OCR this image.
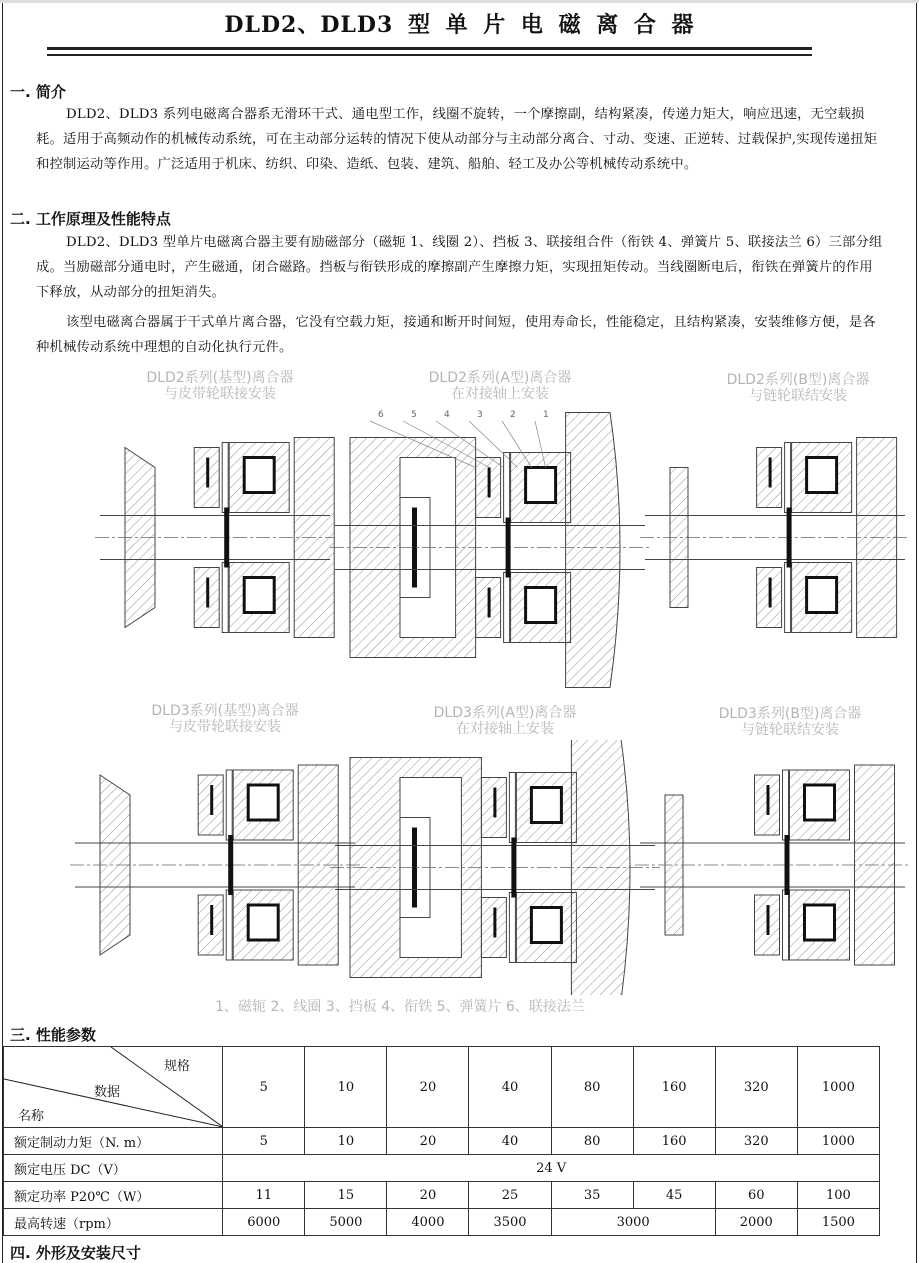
DLD2、DLD3 型 单 片 电 磁 离 合 器
一. 简介
DLD2、DLD3 系列电磁离合器系无滑环干式、通电型工作，线圈不旋转，一个摩擦副，结构紧凑，传递力矩大，响应迅速，无空载损耗。适用于高频动作的机械传动系统，可在主动部分运转的情况下使从动部分与主动部分离合、寸动、变速、正逆转、过载保护,实现传递扭矩和控制运动等作用。广泛适用于机床、纺织、印染、造纸、包装、建筑、船舶、轻工及办公等机械传动系统中。
二. 工作原理及性能特点
DLD2、DLD3 型单片电磁离合器主要有励磁部分（磁轭 1、线圈 2）、挡板 3、联接组合件（衔铁 4、弹簧片 5、联接法兰 6）三部分组成。当励磁部分通电时，产生磁通，闭合磁路。挡板与衔铁形成的摩擦副产生摩擦力矩，实现扭矩传动。当线圈断电后，衔铁在弹簧片的作用下释放，从动部分的扭矩消失。
该型电磁离合器属于干式单片离合器，它没有空载力矩，接通和断开时间短，使用寿命长，性能稳定，且结构紧凑，安装维修方便，是各种机械传动系统中理想的自动化执行元件。
DLD2系列(基型)离合器
与皮带轮联接安装
DLD2系列(A型)离合器
在对接轴上安装
DLD2系列(B型)离合器
与链轮联结安装
DLD3系列(基型)离合器
与皮带轮联接安装
DLD3系列(A型)离合器
在对接轴上安装
DLD3系列(B型)离合器
与链轮联结安装
6	5	4	3	2	1
1、磁轭 2、线圈 3、挡板 4、衔铁 5、弹簧片 6、联接法兰
三. 性能参数
规格
数据
名称	5	10	20	40	80	160	320	1000
额定制动力矩（N. m）	5	10	20	40	80	160	320	1000
额定电压 DC（V）	24 V							
额定功率 P20℃（W）	11	15	20	25	35	45	60	100
最高转速（rpm）	6000	5000	4000	3500	3000		2000	1500
四. 外形及安装尺寸
